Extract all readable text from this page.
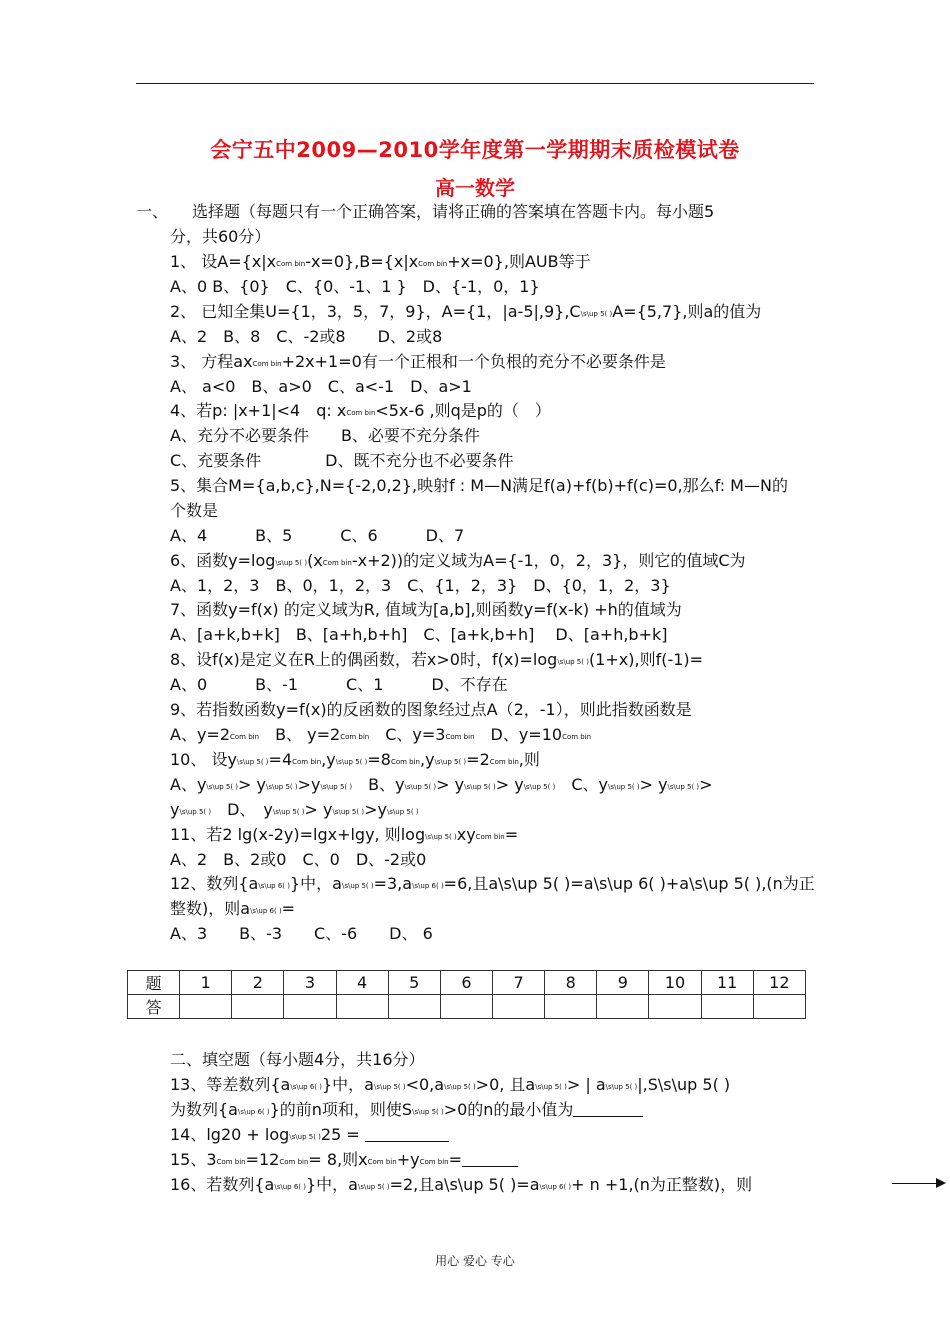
会宁五中2009—2010学年度第一学期期末质检模试卷
高一数学
一、　　选择题（每题只有一个正确答案，请将正确的答案填在答题卡内。每小题5
分，共60分）
1、 设A={x|xCom bin-x=0},B={x|xCom bin+x=0},则AUB等于
A、0 B、{0}　C、{0、-1、1 }　D、{-1，0，1}
2、 已知全集U={1，3，5，7，9}，A={1，|a-5|,9},C\s\up 5( )A={5,7},则a的值为
A、2　B、8　C、-2或8　　D、2或8
3、 方程axCom bin+2x+1=0有一个正根和一个负根的充分不必要条件是
A、 a<0　B、a>0　C、a<-1　D、a>1
4、若p: |x+1|<4　q: xCom bin<5x-6 ,则q是p的（　）
A、充分不必要条件　　B、必要不充分条件
C、充要条件　　　　D、既不充分也不必要条件
5、集合M={a,b,c},N={-2,0,2},映射f : M—N满足f(a)+f(b)+f(c)=0,那么f: M—N的
个数是
A、4　　　B、5　　　C、6　　　D、7
6、函数y=log\s\up 5( )(xCom bin-x+2))的定义域为A={-1，0，2，3}，则它的值域C为
A、1，2，3　B、0，1，2，3　C、{1，2，3}　D、{0，1，2，3}
7、函数y=f(x) 的定义域为R, 值域为[a,b],则函数y=f(x-k) +h的值域为
A、[a+k,b+k]　B、[a+h,b+h]　C、[a+k,b+h]　 D、[a+h,b+k]
8、设f(x)是定义在R上的偶函数，若x>0时，f(x)=log\s\up 5( )(1+x),则f(-1)=
A、0　　　B、-1　　　C、1　　　D、不存在
9、若指数函数y=f(x)的反函数的图象经过点A（2，-1），则此指数函数是
A、y=2Com bin　B、 y=2Com bin　C、y=3Com bin　D、y=10Com bin
10、 设y\s\up 5( )=4Com bin,y\s\up 5( )=8Com bin,y\s\up 5( )=2Com bin,则
A、y\s\up 5( )> y\s\up 5( )>y\s\up 5( )　B、y\s\up 5( )> y\s\up 5( )> y\s\up 5( )　C、y\s\up 5( )> y\s\up 5( )>
y\s\up 5( )　D、　y\s\up 5( )> y\s\up 5( )>y\s\up 5( )
11、若2 lg(x-2y)=lgx+lgy, 则log\s\up 5( )xyCom bin=
A、2　B、2或0　C、0　D、-2或0
12、数列{a\s\up 6( )}中，a\s\up 5( )=3,a\s\up 6( )=6,且a\s\up 5( )=a\s\up 6( )+a\s\up 5( ),(n为正
整数)，则a\s\up 6( )=
A、3　　B、-3　　C、-6　　D、 6
题	1	2	3	4	5	6	7	8	9	10	11	12
答												
二、填空题（每小题4分，共16分）
13、等差数列{a\s\up 6( )}中，a\s\up 5( )<0,a\s\up 5( )>0, 且a\s\up 5( )> | a\s\up 5( )|,S\s\up 5( )
为数列{a\s\up 6( )}的前n项和，则使S\s\up 5( )>0的n的最小值为
14、lg20 + log\s\up 5( )25 =
15、3Com bin=12Com bin= 8,则xCom bin+yCom bin=
16、若数列{a\s\up 6( )}中，a\s\up 5( )=2,且a\s\up 5( )=a\s\up 6( )+ n +1,(n为正整数)，则
用心 爱心 专心
